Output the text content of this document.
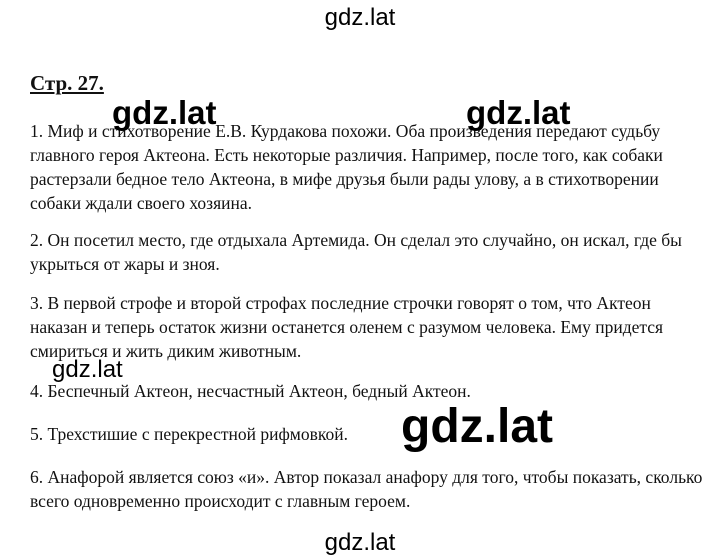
Стр. 27.

1. Миф и стихотворение Е.В. Курдакова похожи. Оба произведения передают судьбу главного героя Актеона. Есть некоторые различия. Например, после того, как собаки растерзали бедное тело Актеона, в мифе друзья были рады улову, а в стихотворении собаки ждали своего хозяина.

2. Он посетил место, где отдыхала Артемида. Он сделал это случайно, он искал, где бы укрыться от жары и зноя.

3. В первой строфе и второй строфах последние строчки говорят о том, что Актеон наказан и теперь остаток жизни останется оленем с разумом человека. Ему придется смириться и жить диким животным.

4. Беспечный Актеон, несчастный Актеон, бедный Актеон.

5. Трехстишие с перекрестной рифмовкой.

6. Анафорой является союз «и». Автор показал анафору для того, чтобы показать, сколько всего одновременно происходит с главным героем.

gdz.lat
gdz.lat	gdz.lat
gdz.lat
gdz.lat
gdz.lat
